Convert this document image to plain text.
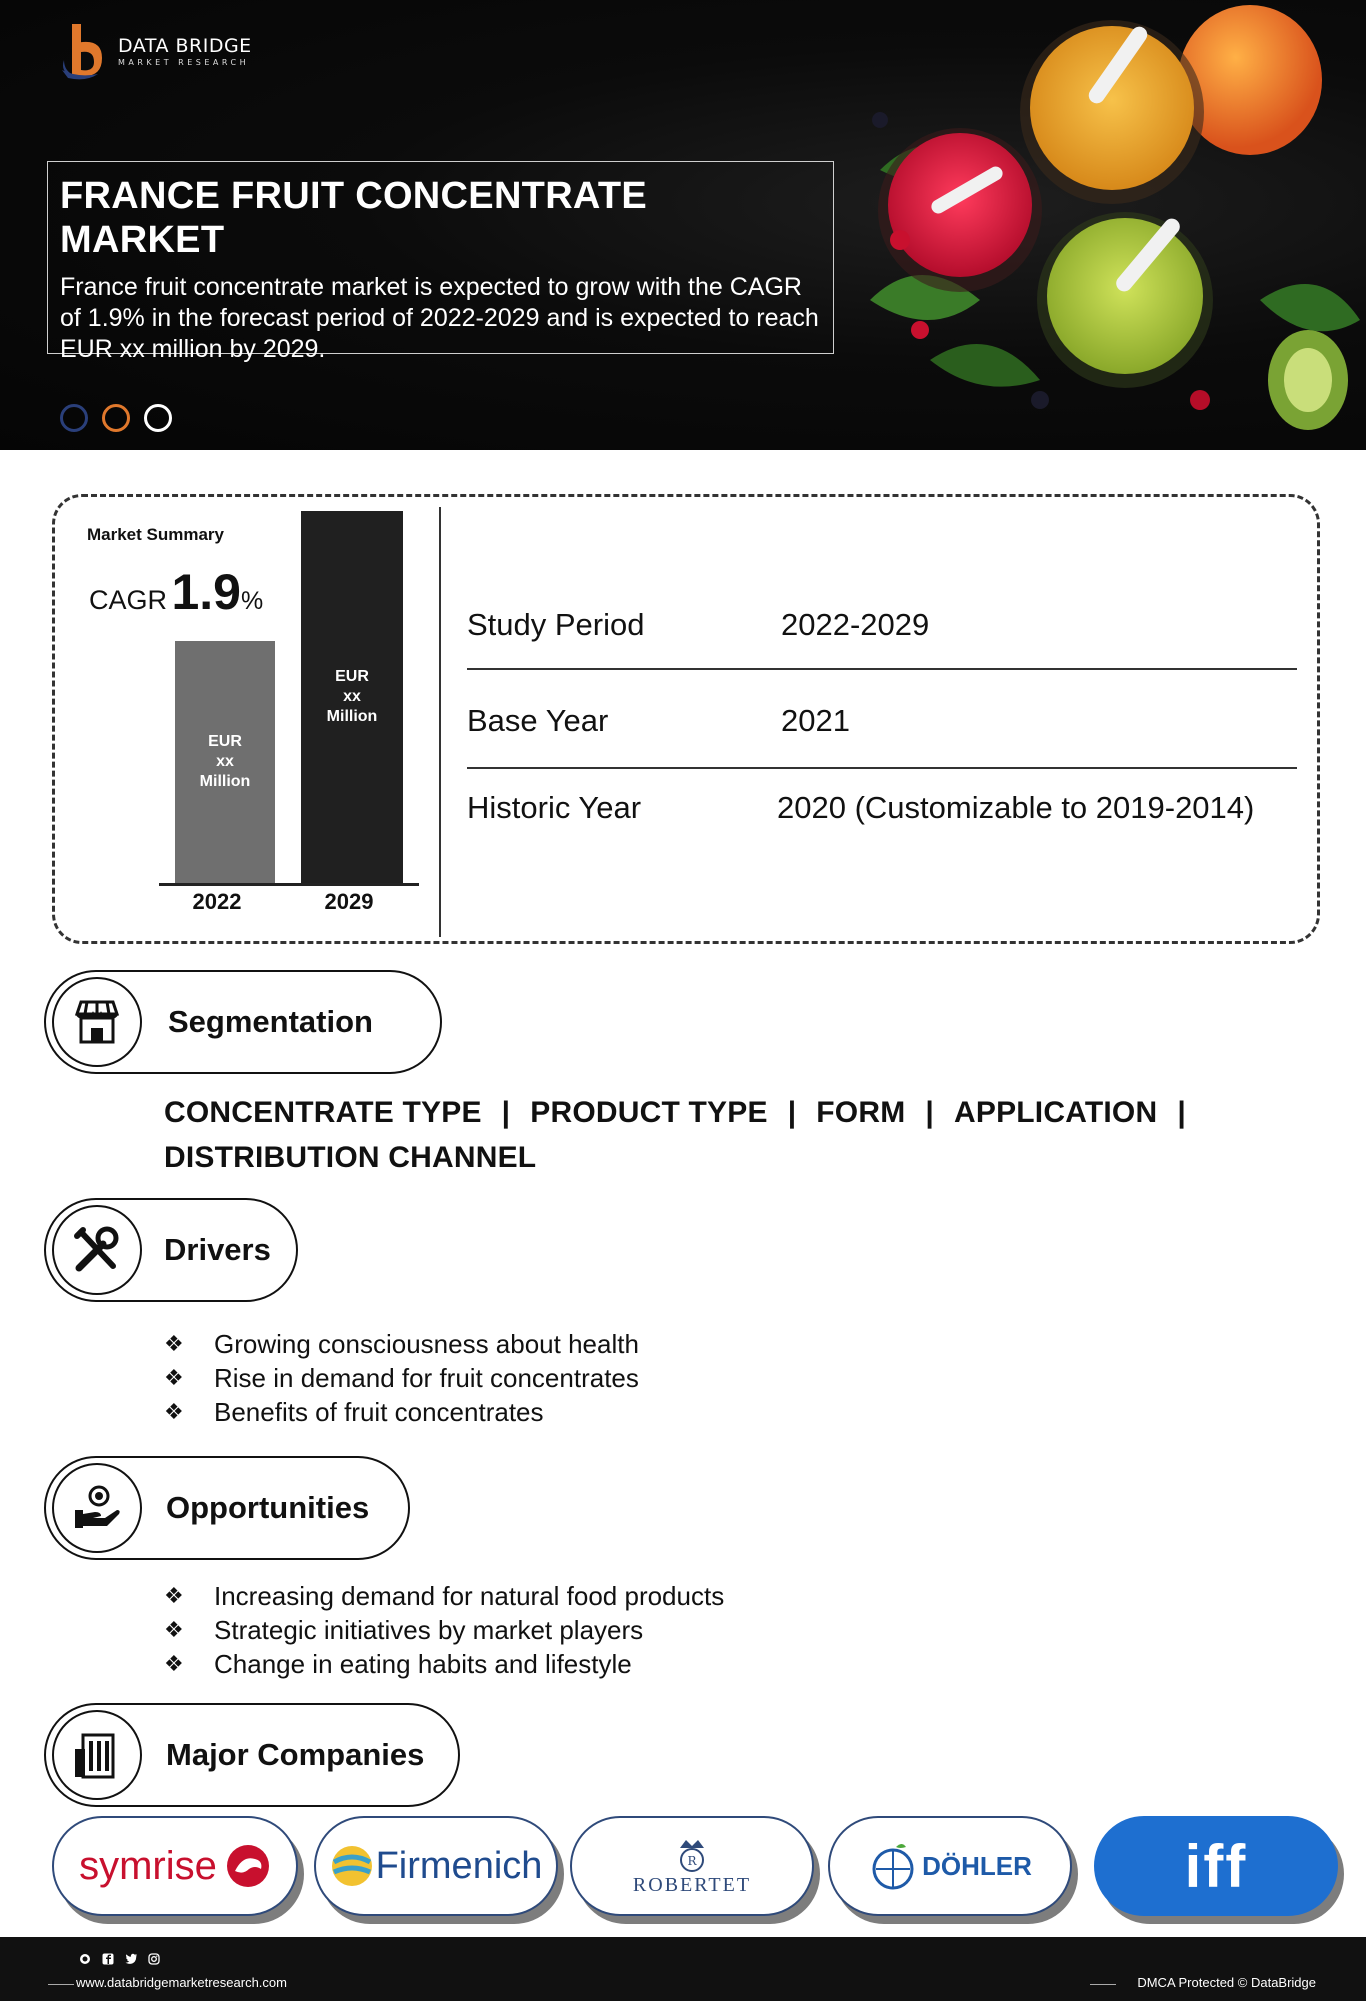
DATA BRIDGE
MARKET RESEARCH
FRANCE FRUIT CONCENTRATE MARKET
France fruit concentrate market is expected to grow with the CAGR of 1.9% in the forecast period of 2022-2029 and is expected to reach EUR xx million by 2029.
Market Summary
CAGR 1.9%
EUR
xx
Million
2022
EUR
xx
Million
2029
Study Period	2022-2029
Base Year	2021
Historic Year	2020 (Customizable to 2019-2014)
Segmentation
CONCENTRATE TYPE | PRODUCT TYPE | FORM | APPLICATION |
DISTRIBUTION CHANNEL
Drivers
❖	Growing consciousness about health
❖	Rise in demand for fruit concentrates
❖	Benefits of fruit concentrates
Opportunities
❖	Increasing demand for natural food products
❖	Strategic initiatives by market players
❖	Change in eating habits and lifestyle
Major Companies
symrise	Firmenich	R
ROBERTET
DÖHLER	iff
www.databridgemarketresearch.com	DMCA Protected © DataBridge
